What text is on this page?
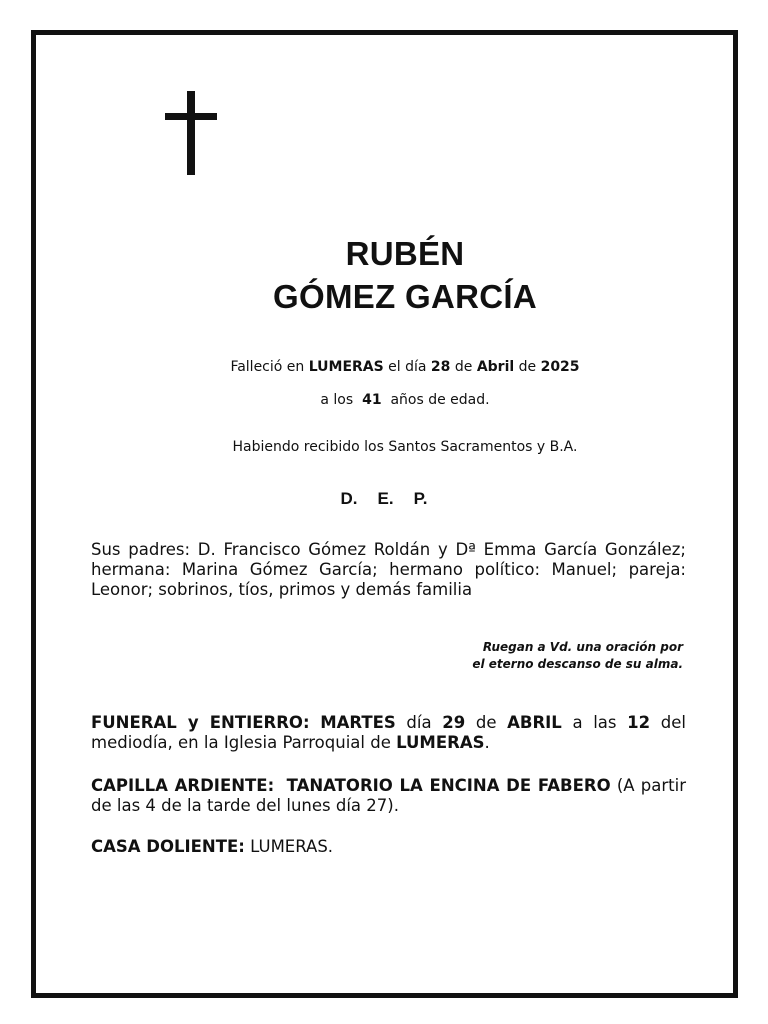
RUBÉN
GÓMEZ GARCÍA
Falleció en LUMERAS el día 28 de Abril de 2025
a los 41 años de edad.
Habiendo recibido los Santos Sacramentos y B.A.
D. E. P.
Sus padres: D. Francisco Gómez Roldán y Dª Emma García González; hermana: Marina Gómez García; hermano político: Manuel; pareja: Leonor; sobrinos, tíos, primos y demás familia
Ruegan a Vd. una oración por
el eterno descanso de su alma.
FUNERAL y ENTIERRO: MARTES día 29 de ABRIL a las 12 del mediodía, en la Iglesia Parroquial de LUMERAS.
CAPILLA ARDIENTE: TANATORIO LA ENCINA DE FABERO (A partir de las 4 de la tarde del lunes día 27).
CASA DOLIENTE: LUMERAS.
